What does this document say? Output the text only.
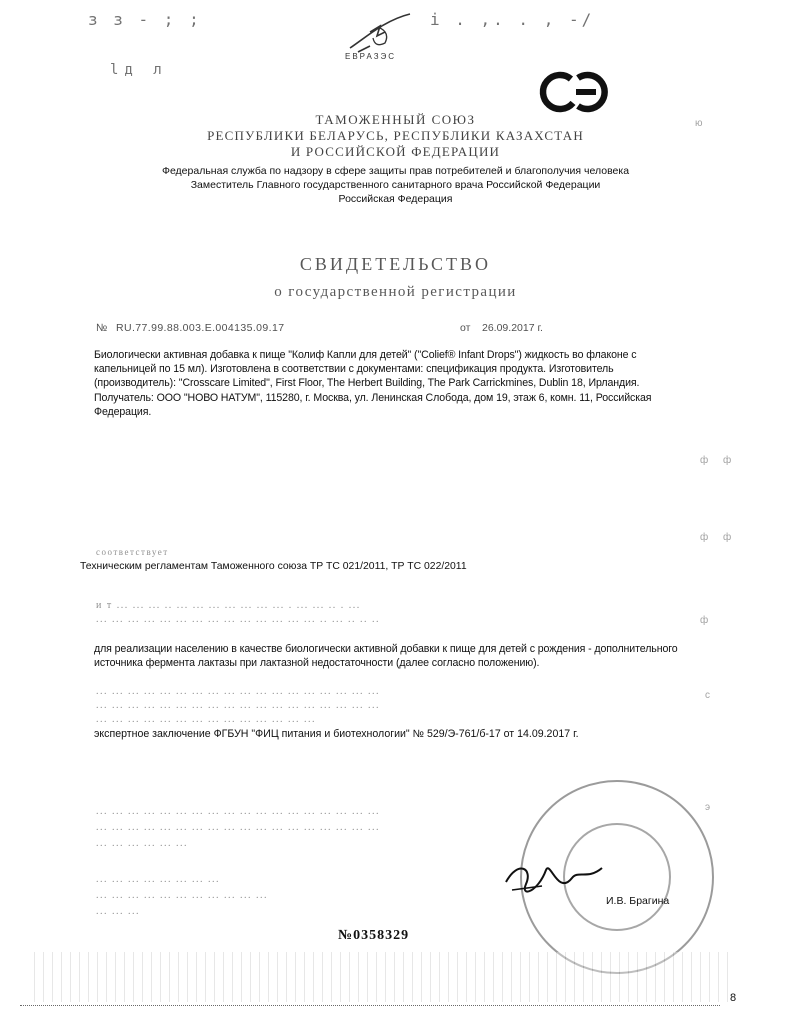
з з - ; ;	і . ,. . , -/
lд л
ЕВРАЗЭС
ТАМОЖЕННЫЙ СОЮЗ
РЕСПУБЛИКИ БЕЛАРУСЬ, РЕСПУБЛИКИ КАЗАХСТАН
И РОССИЙСКОЙ ФЕДЕРАЦИИ
Федеральная служба по надзору в сфере защиты прав потребителей и благополучия человека
Заместитель Главного государственного санитарного врача Российской Федерации
Российская Федерация
СВИДЕТЕЛЬСТВО
о государственной регистрации
№ RU.77.99.88.003.Е.004135.09.17	от 26.09.2017 г.
Биологически активная добавка к пище "Колиф Капли для детей" ("Colief® Infant Drops") жидкость во флаконе с капельницей по 15 мл). Изготовлена в соответствии с документами: спецификация продукта. Изготовитель (производитель): "Crosscare Limited", First Floor, The Herbert Building, The Park Carrickmines, Dublin 18, Ирландия. Получатель: ООО "НОВО НАТУМ", 115280, г. Москва, ул. Ленинская Слобода, дом 19, этаж 6, комн. 11, Российская Федерация.
соответствует
Техническим регламентам Таможенного союза ТР ТС 021/2011, ТР ТС 022/2011
и т ... ... ... .. ... ... ... ... ... ... ... . ... ... .. . ...
... ... ... ... ... ... ... ... ... ... ... ... ... ... .. ... .. .. ..
для реализации населению в качестве биологически активной добавки к пище для детей с рождения - дополнительного источника фермента лактазы при лактазной недостаточности (далее согласно положению).
... ... ... ... ... ... ... ... ... ... ... ... ... ... ... ... ... ...
... ... ... ... ... ... ... ... ... ... ... ... ... ... ... ... ... ...
... ... ... ... ... ... ... ... ... ... ... ... ... ...
экспертное заключение ФГБУН "ФИЦ питания и биотехнологии" № 529/Э-761/б-17 от 14.09.2017 г.
... ... ... ... ... ... ... ... ... ... ... ... ... ... ... ... ... ...
... ... ... ... ... ... ... ... ... ... ... ... ... ... ... ... ... ...
... ... ... ... ... ...
... ... ... ... ... ... ... ...
... ... ... ... ... ... ... ... ... ... ...
... ... ...
И.В. Брагина
№0358329
ю
ф ф
ф ф
ф
с
э
8
